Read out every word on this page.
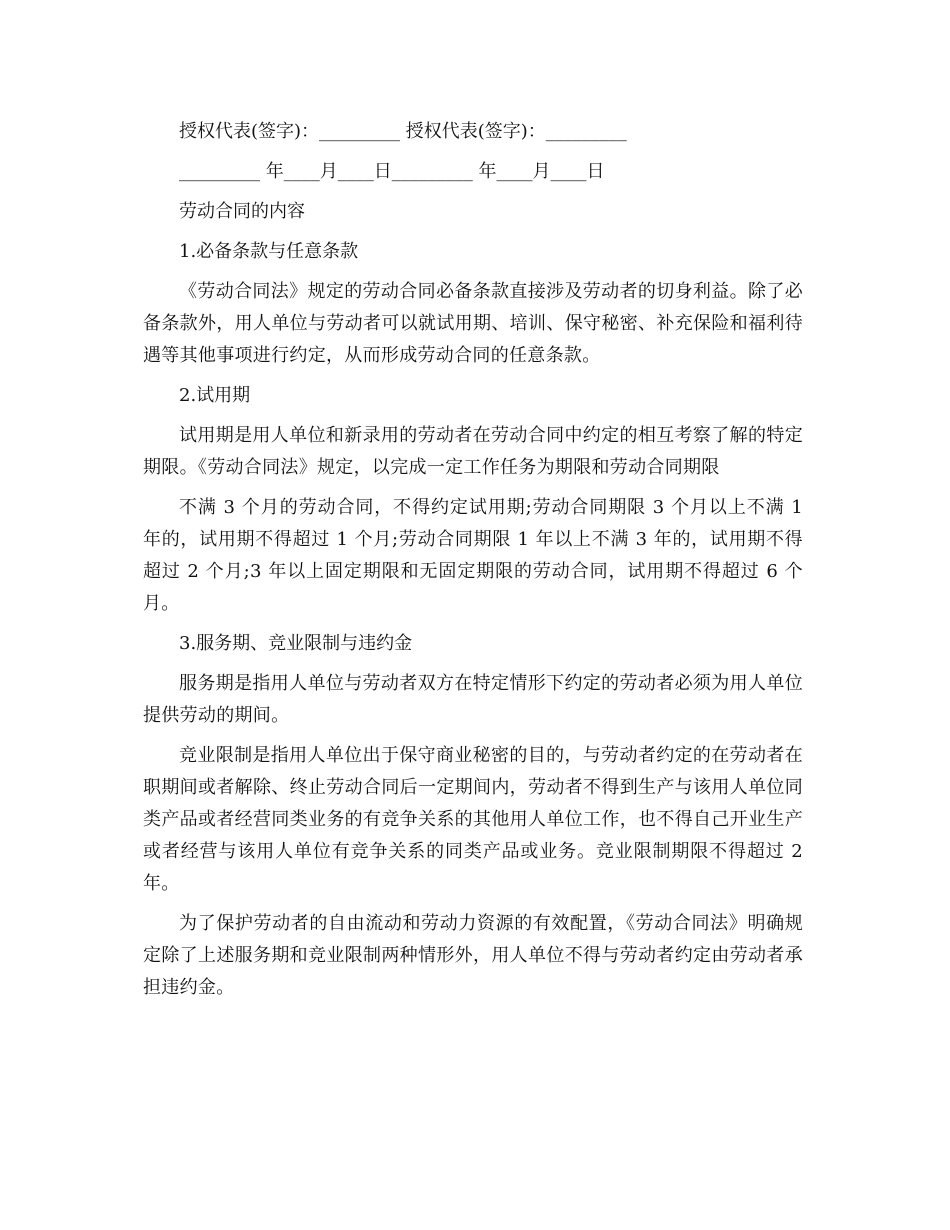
授权代表(签字)：_________ 授权代表(签字)：_________
_________ 年____月____日_________ 年____月____日
劳动合同的内容
1.必备条款与任意条款

《劳动合同法》规定的劳动合同必备条款直接涉及劳动者的切身利益。除了必备条款外，用人单位与劳动者可以就试用期、培训、保守秘密、补充保险和福利待遇等其他事项进行约定，从而形成劳动合同的任意条款。

2.试用期

试用期是用人单位和新录用的劳动者在劳动合同中约定的相互考察了解的特定期限。《劳动合同法》规定，以完成一定工作任务为期限和劳动合同期限

不满 3 个月的劳动合同，不得约定试用期;劳动合同期限 3 个月以上不满 1 年的，试用期不得超过 1 个月;劳动合同期限 1 年以上不满 3 年的，试用期不得超过 2 个月;3 年以上固定期限和无固定期限的劳动合同，试用期不得超过 6 个月。

3.服务期、竞业限制与违约金

服务期是指用人单位与劳动者双方在特定情形下约定的劳动者必须为用人单位提供劳动的期间。

竞业限制是指用人单位出于保守商业秘密的目的，与劳动者约定的在劳动者在职期间或者解除、终止劳动合同后一定期间内，劳动者不得到生产与该用人单位同类产品或者经营同类业务的有竞争关系的其他用人单位工作，也不得自己开业生产或者经营与该用人单位有竞争关系的同类产品或业务。竞业限制期限不得超过 2 年。

为了保护劳动者的自由流动和劳动力资源的有效配置，《劳动合同法》明确规定除了上述服务期和竞业限制两种情形外，用人单位不得与劳动者约定由劳动者承担违约金。
